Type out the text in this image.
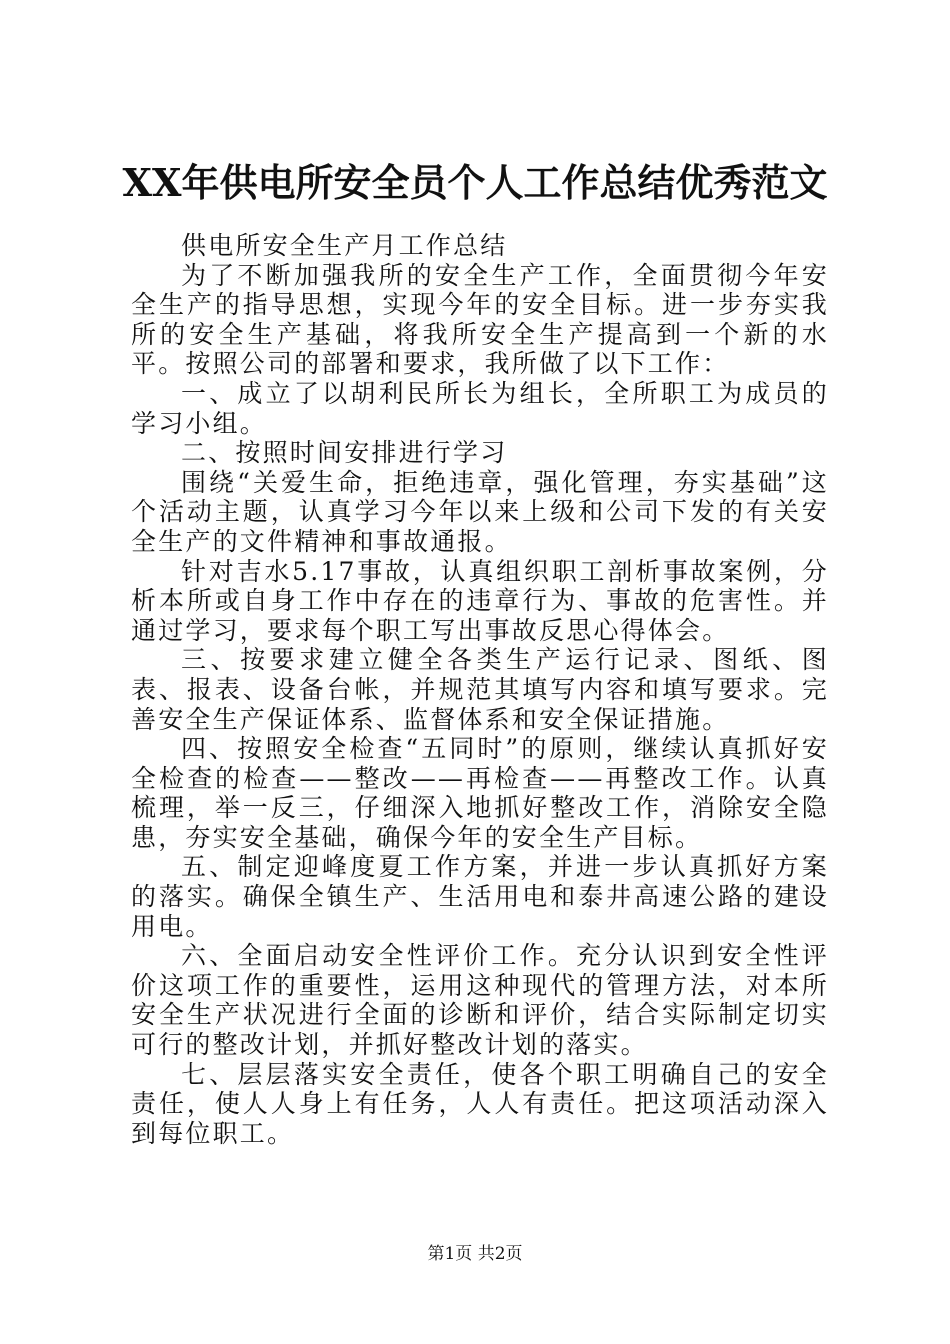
XX年供电所安全员个人工作总结优秀范文

供电所安全生产月工作总结

为了不断加强我所的安全生产工作，全面贯彻今年安全生产的指导思想，实现今年的安全目标。进一步夯实我所的安全生产基础，将我所安全生产提高到一个新的水平。按照公司的部署和要求，我所做了以下工作：

一、成立了以胡利民所长为组长，全所职工为成员的学习小组。

二、按照时间安排进行学习

围绕“关爱生命，拒绝违章，强化管理，夯实基础”这个活动主题，认真学习今年以来上级和公司下发的有关安全生产的文件精神和事故通报。

针对吉水5.17事故，认真组织职工剖析事故案例，分析本所或自身工作中存在的违章行为、事故的危害性。并通过学习，要求每个职工写出事故反思心得体会。

三、按要求建立健全各类生产运行记录、图纸、图表、报表、设备台帐，并规范其填写内容和填写要求。完善安全生产保证体系、监督体系和安全保证措施。

四、按照安全检查“五同时”的原则，继续认真抓好安全检查的检查——整改——再检查——再整改工作。认真梳理，举一反三，仔细深入地抓好整改工作，消除安全隐患，夯实安全基础，确保今年的安全生产目标。

五、制定迎峰度夏工作方案，并进一步认真抓好方案的落实。确保全镇生产、生活用电和泰井高速公路的建设用电。

六、全面启动安全性评价工作。充分认识到安全性评价这项工作的重要性，运用这种现代的管理方法，对本所安全生产状况进行全面的诊断和评价，结合实际制定切实可行的整改计划，并抓好整改计划的落实。

七、层层落实安全责任，使各个职工明确自己的安全责任，使人人身上有任务，人人有责任。把这项活动深入到每位职工。

第1页 共2页
